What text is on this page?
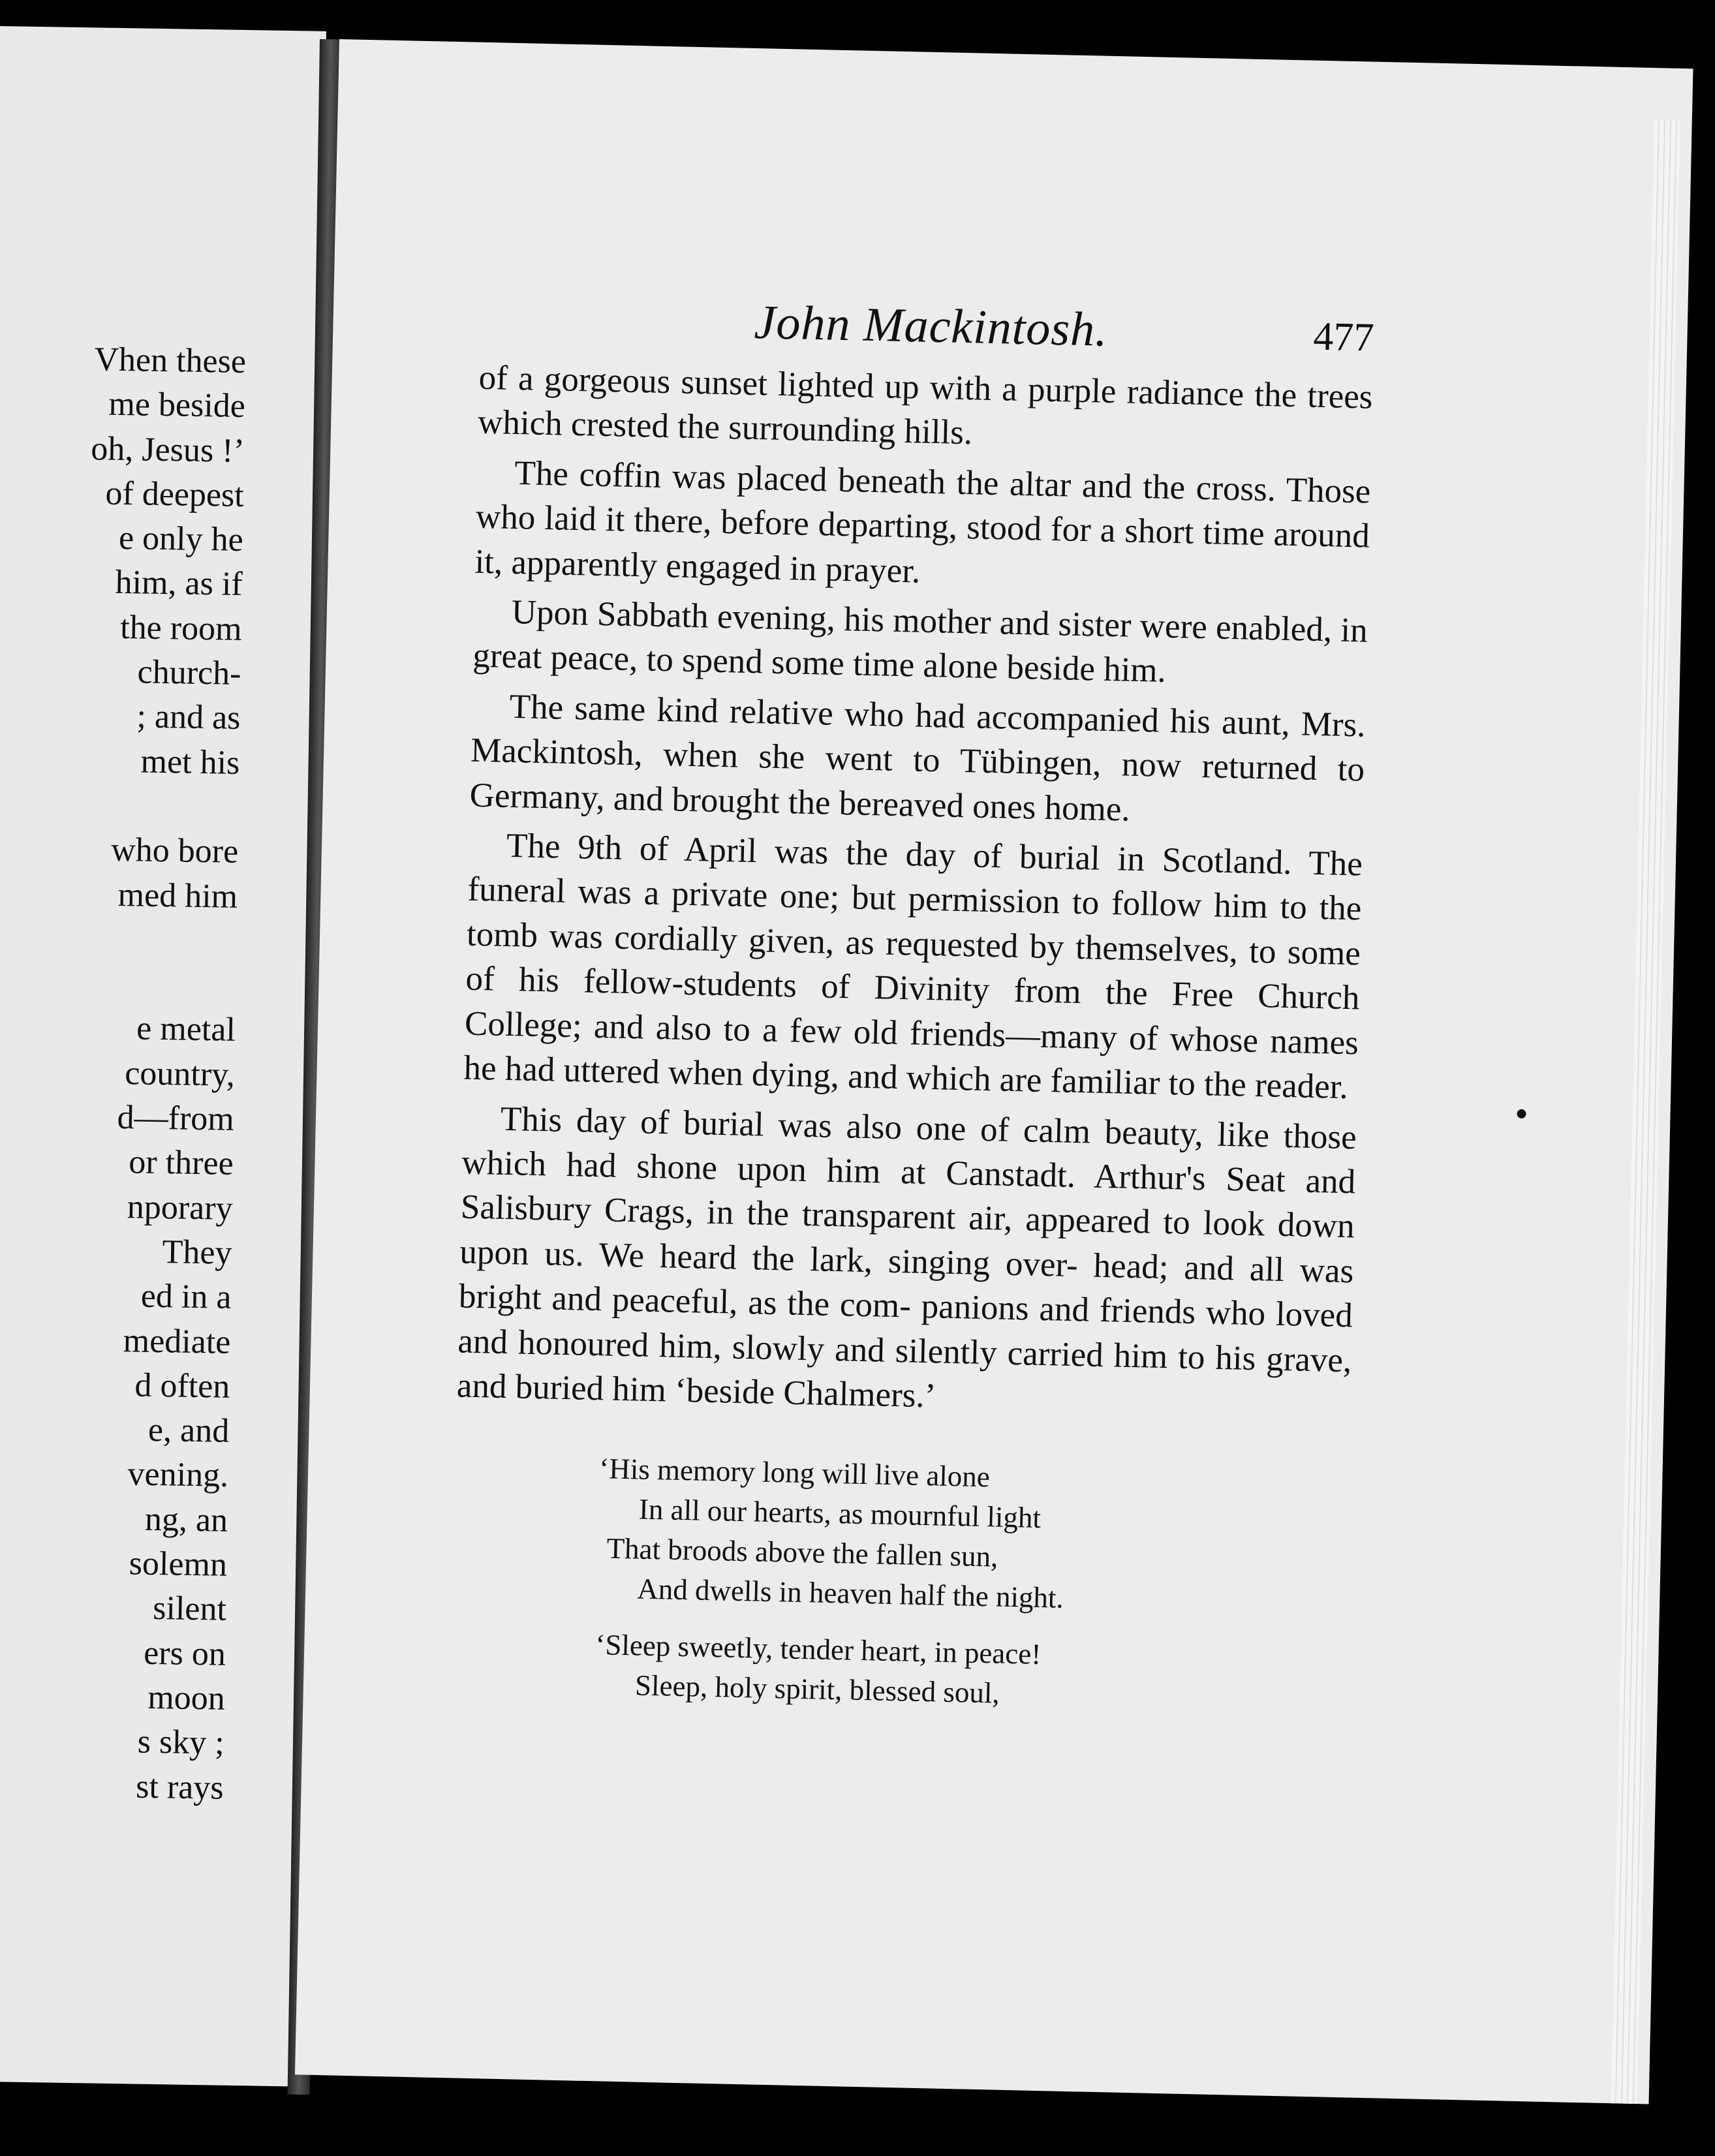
Vhen these
me beside
oh, Jesus !’
of deepest
e only he
him, as if
the room
church-
; and as
met his
who bore
med him
e metal
country,
d—from
or three
nporary
They
ed in a
mediate
d often
e, and
vening.
ng, an
solemn
silent
ers on
moon
s sky ;
st rays
John Mackintosh.	477

of a gorgeous sunset lighted up with a purple radiance the trees which crested the surrounding hills.

The coffin was placed beneath the altar and the cross. Those who laid it there, before departing, stood for a short time around it, apparently engaged in prayer.

Upon Sabbath evening, his mother and sister were enabled, in great peace, to spend some time alone beside him.

The same kind relative who had accompanied his aunt, Mrs. Mackintosh, when she went to Tübingen, now returned to Germany, and brought the bereaved ones home.

The 9th of April was the day of burial in Scotland. The funeral was a private one; but permission to follow him to the tomb was cordially given, as requested by themselves, to some of his fellow-students of Divinity from the Free Church College; and also to a few old friends—many of whose names he had uttered when dying, and which are familiar to the reader.

This day of burial was also one of calm beauty, like those which had shone upon him at Canstadt. Arthur's Seat and Salisbury Crags, in the transparent air, appeared to look down upon us. We heard the lark, singing over- head; and all was bright and peaceful, as the com- panions and friends who loved and honoured him, slowly and silently carried him to his grave, and buried him ‘beside Chalmers.’

‘His memory long will live alone
In all our hearts, as mournful light
That broods above the fallen sun,
And dwells in heaven half the night.
‘Sleep sweetly, tender heart, in peace!
Sleep, holy spirit, blessed soul,
